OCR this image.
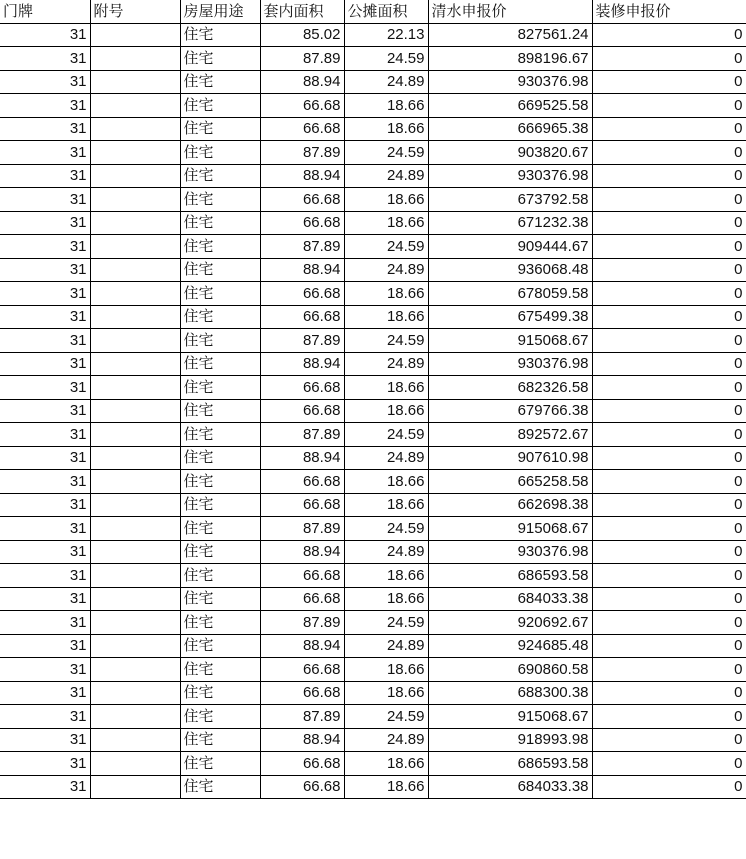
门牌	附号	房屋用途	套内面积	公摊面积	清水申报价	装修申报价
31		住宅	85.02	22.13	827561.24	0
31		住宅	87.89	24.59	898196.67	0
31		住宅	88.94	24.89	930376.98	0
31		住宅	66.68	18.66	669525.58	0
31		住宅	66.68	18.66	666965.38	0
31		住宅	87.89	24.59	903820.67	0
31		住宅	88.94	24.89	930376.98	0
31		住宅	66.68	18.66	673792.58	0
31		住宅	66.68	18.66	671232.38	0
31		住宅	87.89	24.59	909444.67	0
31		住宅	88.94	24.89	936068.48	0
31		住宅	66.68	18.66	678059.58	0
31		住宅	66.68	18.66	675499.38	0
31		住宅	87.89	24.59	915068.67	0
31		住宅	88.94	24.89	930376.98	0
31		住宅	66.68	18.66	682326.58	0
31		住宅	66.68	18.66	679766.38	0
31		住宅	87.89	24.59	892572.67	0
31		住宅	88.94	24.89	907610.98	0
31		住宅	66.68	18.66	665258.58	0
31		住宅	66.68	18.66	662698.38	0
31		住宅	87.89	24.59	915068.67	0
31		住宅	88.94	24.89	930376.98	0
31		住宅	66.68	18.66	686593.58	0
31		住宅	66.68	18.66	684033.38	0
31		住宅	87.89	24.59	920692.67	0
31		住宅	88.94	24.89	924685.48	0
31		住宅	66.68	18.66	690860.58	0
31		住宅	66.68	18.66	688300.38	0
31		住宅	87.89	24.59	915068.67	0
31		住宅	88.94	24.89	918993.98	0
31		住宅	66.68	18.66	686593.58	0
31		住宅	66.68	18.66	684033.38	0
